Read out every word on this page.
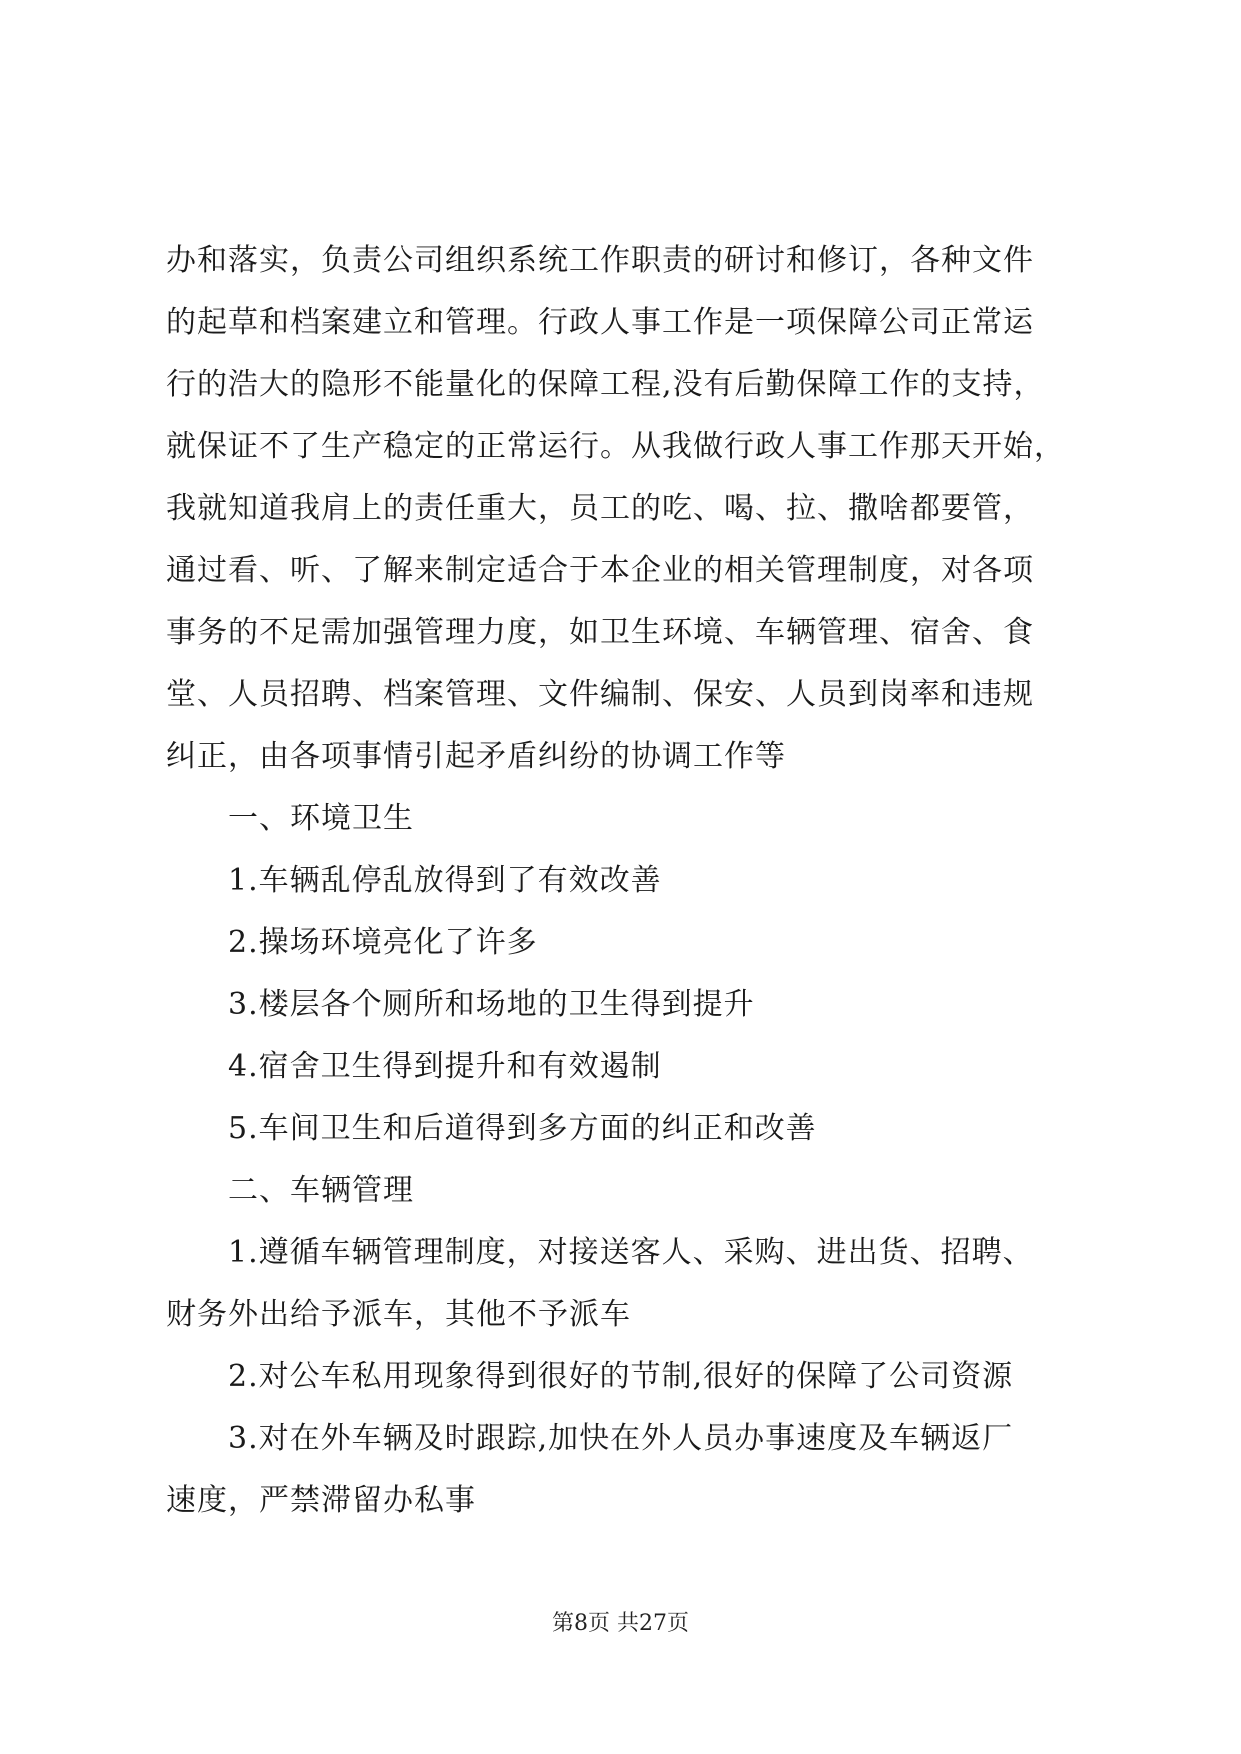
办和落实，负责公司组织系统工作职责的研讨和修订，各种文件
的起草和档案建立和管理。行政人事工作是一项保障公司正常运
行的浩大的隐形不能量化的保障工程,没有后勤保障工作的支持，
就保证不了生产稳定的正常运行。从我做行政人事工作那天开始，
我就知道我肩上的责任重大，员工的吃、喝、拉、撒啥都要管，
通过看、听、了解来制定适合于本企业的相关管理制度，对各项
事务的不足需加强管理力度，如卫生环境、车辆管理、宿舍、食
堂、人员招聘、档案管理、文件编制、保安、人员到岗率和违规
纠正，由各项事情引起矛盾纠纷的协调工作等
一、环境卫生
1.车辆乱停乱放得到了有效改善
2.操场环境亮化了许多
3.楼层各个厕所和场地的卫生得到提升
4.宿舍卫生得到提升和有效遏制
5.车间卫生和后道得到多方面的纠正和改善
二、车辆管理
1.遵循车辆管理制度，对接送客人、采购、进出货、招聘、
财务外出给予派车，其他不予派车
2.对公车私用现象得到很好的节制,很好的保障了公司资源
3.对在外车辆及时跟踪,加快在外人员办事速度及车辆返厂
速度，严禁滞留办私事
第8页 共27页
